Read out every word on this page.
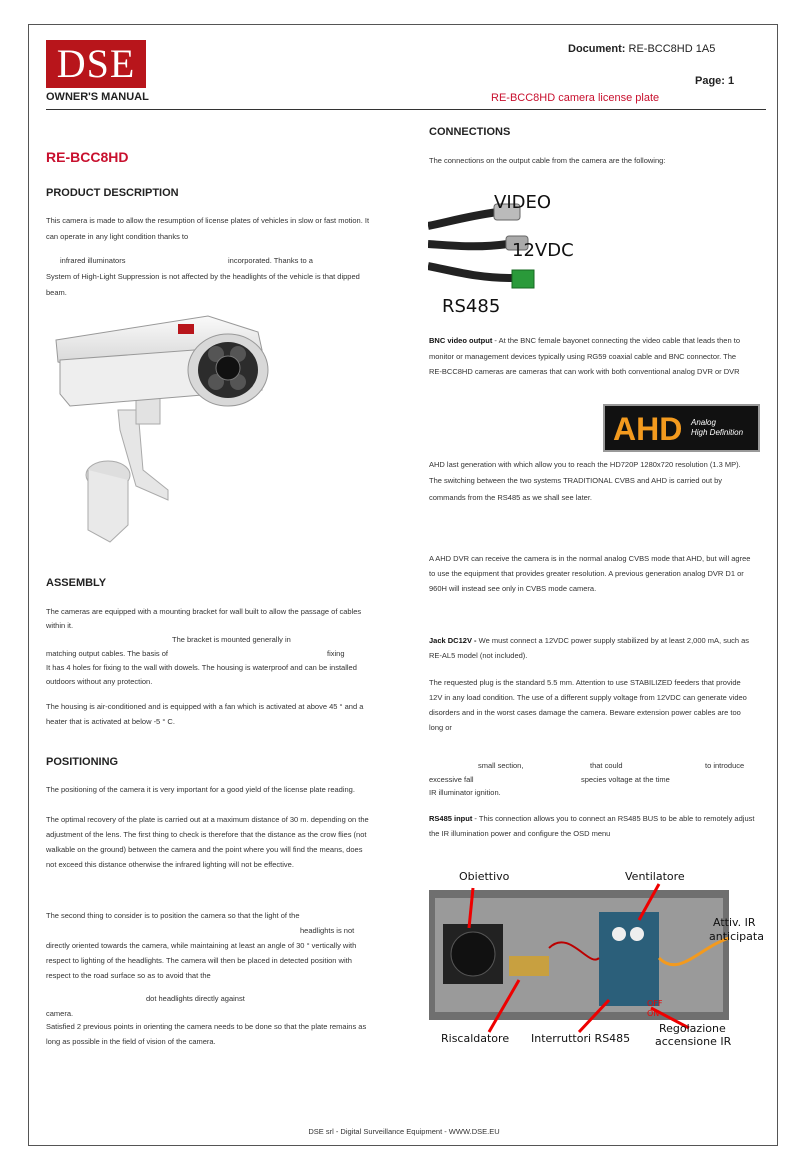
DSE
OWNER'S MANUAL
Document: RE-BCC8HD 1A5
Page: 1
RE-BCC8HD camera license plate
RE-BCC8HD
PRODUCT DESCRIPTION
This camera is made to allow the resumption of license plates of vehicles in slow or fast motion. It
can operate in any light condition thanks to
infrared illuminators	incorporated. Thanks to a
System of High-Light Suppression is not affected by the headlights of the vehicle is that dipped
beam.
ASSEMBLY
The cameras are equipped with a mounting bracket for wall built to allow the passage of cables
within it.
The bracket is mounted generally in
matching output cables. The basis of	fixing
It has 4 holes for fixing to the wall with dowels. The housing is waterproof and can be installed
outdoors without any protection.
The housing is air-conditioned and is equipped with a fan which is activated at above 45 ° and a
heater that is activated at below -5 ° C.
POSITIONING
The positioning of the camera it is very important for a good yield of the license plate reading.
The optimal recovery of the plate is carried out at a maximum distance of 30 m. depending on the
adjustment of the lens. The first thing to check is therefore that the distance as the crow flies (not
walkable on the ground) between the camera and the point where you will find the means, does
not exceed this distance otherwise the infrared lighting will not be effective.
The second thing to consider is to position the camera so that the light of the
headlights is not
directly oriented towards the camera, while maintaining at least an angle of 30 ° vertically with
respect to lighting of the headlights. The camera will then be placed in detected position with
respect to the road surface so as to avoid that the
dot headlights directly against
camera.
Satisfied 2 previous points in orienting the camera needs to be done so that the plate remains as
long as possible in the field of vision of the camera.
CONNECTIONS
The connections on the output cable from the camera are the following:
VIDEO
12VDC
RS485
BNC video output - At the BNC female bayonet connecting the video cable that leads then to
monitor or management devices typically using RG59 coaxial cable and BNC connector. The
RE-BCC8HD cameras are cameras that can work with both conventional analog DVR or DVR
AHD Analog
High Definition
AHD last generation with which allow you to reach the HD720P 1280x720 resolution (1.3 MP).
The switching between the two systems TRADITIONAL CVBS and AHD is carried out by
commands from the RS485 as we shall see later.
A AHD DVR can receive the camera is in the normal analog CVBS mode that AHD, but will agree
to use the equipment that provides greater resolution. A previous generation analog DVR D1 or
960H will instead see only in CVBS mode camera.
Jack DC12V - We must connect a 12VDC power supply stabilized by at least 2,000 mA, such as
RE-AL5 model (not included).
The requested plug is the standard 5.5 mm. Attention to use STABILIZED feeders that provide
12V in any load condition. The use of a different supply voltage from 12VDC can generate video
disorders and in the worst cases damage the camera. Beware extension power cables are too
long or
small section,	that could	to introduce
excessive fall	species voltage at the time
IR illuminator ignition.
RS485 input - This connection allows you to connect an RS485 BUS to be able to remotely adjust
the IR illumination power and configure the OSD menu
Obiettivo	Ventilatore
Attiv. IR
anticipata
OFF
ON
Riscaldatore Interruttori RS485
Regolazione
accensione IR
DSE srl - Digital Surveillance Equipment - WWW.DSE.EU
